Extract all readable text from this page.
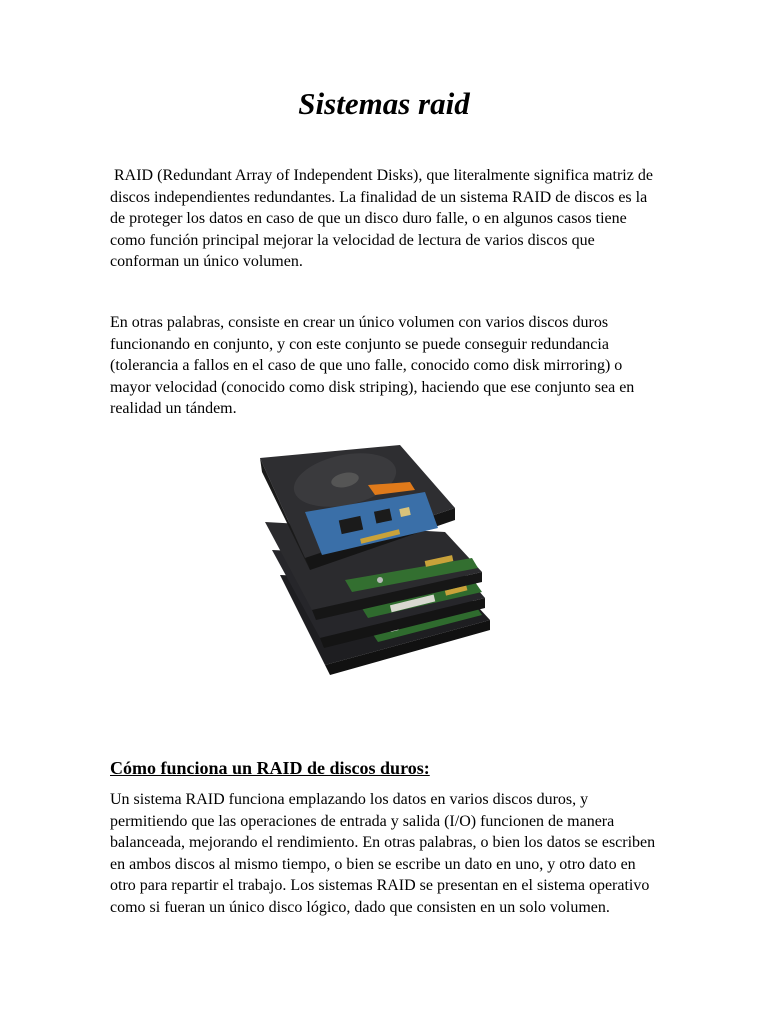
Sistemas raid

RAID (Redundant Array of Independent Disks), que literalmente significa matriz de discos independientes redundantes. La finalidad de un sistema RAID de discos es la de proteger los datos en caso de que un disco duro falle, o en algunos casos tiene como función principal mejorar la velocidad de lectura de varios discos que conforman un único volumen.

En otras palabras, consiste en crear un único volumen con varios discos duros funcionando en conjunto, y con este conjunto se puede conseguir redundancia (tolerancia a fallos en el caso de que uno falle, conocido como disk mirroring) o mayor velocidad (conocido como disk striping), haciendo que ese conjunto sea en realidad un tándem.

Cómo funciona un RAID de discos duros:

Un sistema RAID funciona emplazando los datos en varios discos duros, y permitiendo que las operaciones de entrada y salida (I/O) funcionen de manera balanceada, mejorando el rendimiento. En otras palabras, o bien los datos se escriben en ambos discos al mismo tiempo, o bien se escribe un dato en uno, y otro dato en otro para repartir el trabajo. Los sistemas RAID se presentan en el sistema operativo como si fueran un único disco lógico, dado que consisten en un solo volumen.
